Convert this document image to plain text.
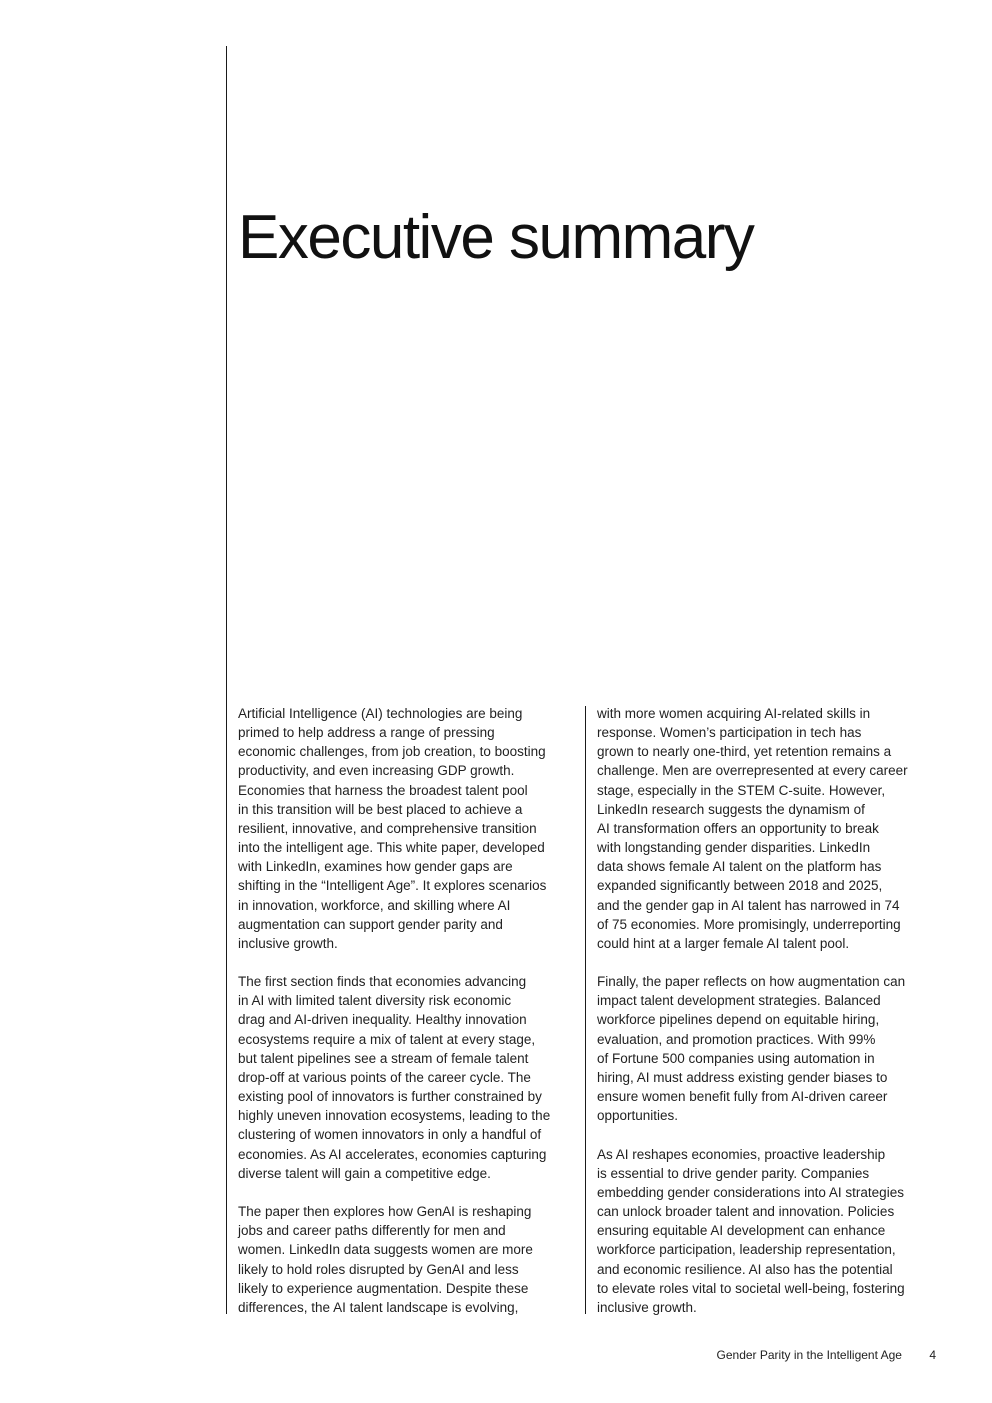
Executive summary

Artificial Intelligence (AI) technologies are being
primed to help address a range of pressing
economic challenges, from job creation, to boosting
productivity, and even increasing GDP growth.
Economies that harness the broadest talent pool
in this transition will be best placed to achieve a
resilient, innovative, and comprehensive transition
into the intelligent age. This white paper, developed
with LinkedIn, examines how gender gaps are
shifting in the “Intelligent Age”. It explores scenarios
in innovation, workforce, and skilling where AI
augmentation can support gender parity and
inclusive growth.

The first section finds that economies advancing
in AI with limited talent diversity risk economic
drag and AI-driven inequality. Healthy innovation
ecosystems require a mix of talent at every stage,
but talent pipelines see a stream of female talent
drop-off at various points of the career cycle. The
existing pool of innovators is further constrained by
highly uneven innovation ecosystems, leading to the
clustering of women innovators in only a handful of
economies. As AI accelerates, economies capturing
diverse talent will gain a competitive edge.

The paper then explores how GenAI is reshaping
jobs and career paths differently for men and
women. LinkedIn data suggests women are more
likely to hold roles disrupted by GenAI and less
likely to experience augmentation. Despite these
differences, the AI talent landscape is evolving,

with more women acquiring AI-related skills in
response. Women’s participation in tech has
grown to nearly one-third, yet retention remains a
challenge. Men are overrepresented at every career
stage, especially in the STEM C-suite. However,
LinkedIn research suggests the dynamism of
AI transformation offers an opportunity to break
with longstanding gender disparities. LinkedIn
data shows female AI talent on the platform has
expanded significantly between 2018 and 2025,
and the gender gap in AI talent has narrowed in 74
of 75 economies. More promisingly, underreporting
could hint at a larger female AI talent pool.

Finally, the paper reflects on how augmentation can
impact talent development strategies. Balanced
workforce pipelines depend on equitable hiring,
evaluation, and promotion practices. With 99%
of Fortune 500 companies using automation in
hiring, AI must address existing gender biases to
ensure women benefit fully from AI-driven career
opportunities.

As AI reshapes economies, proactive leadership
is essential to drive gender parity. Companies
embedding gender considerations into AI strategies
can unlock broader talent and innovation. Policies
ensuring equitable AI development can enhance
workforce participation, leadership representation,
and economic resilience. AI also has the potential
to elevate roles vital to societal well-being, fostering
inclusive growth.

Gender Parity in the Intelligent Age 4
